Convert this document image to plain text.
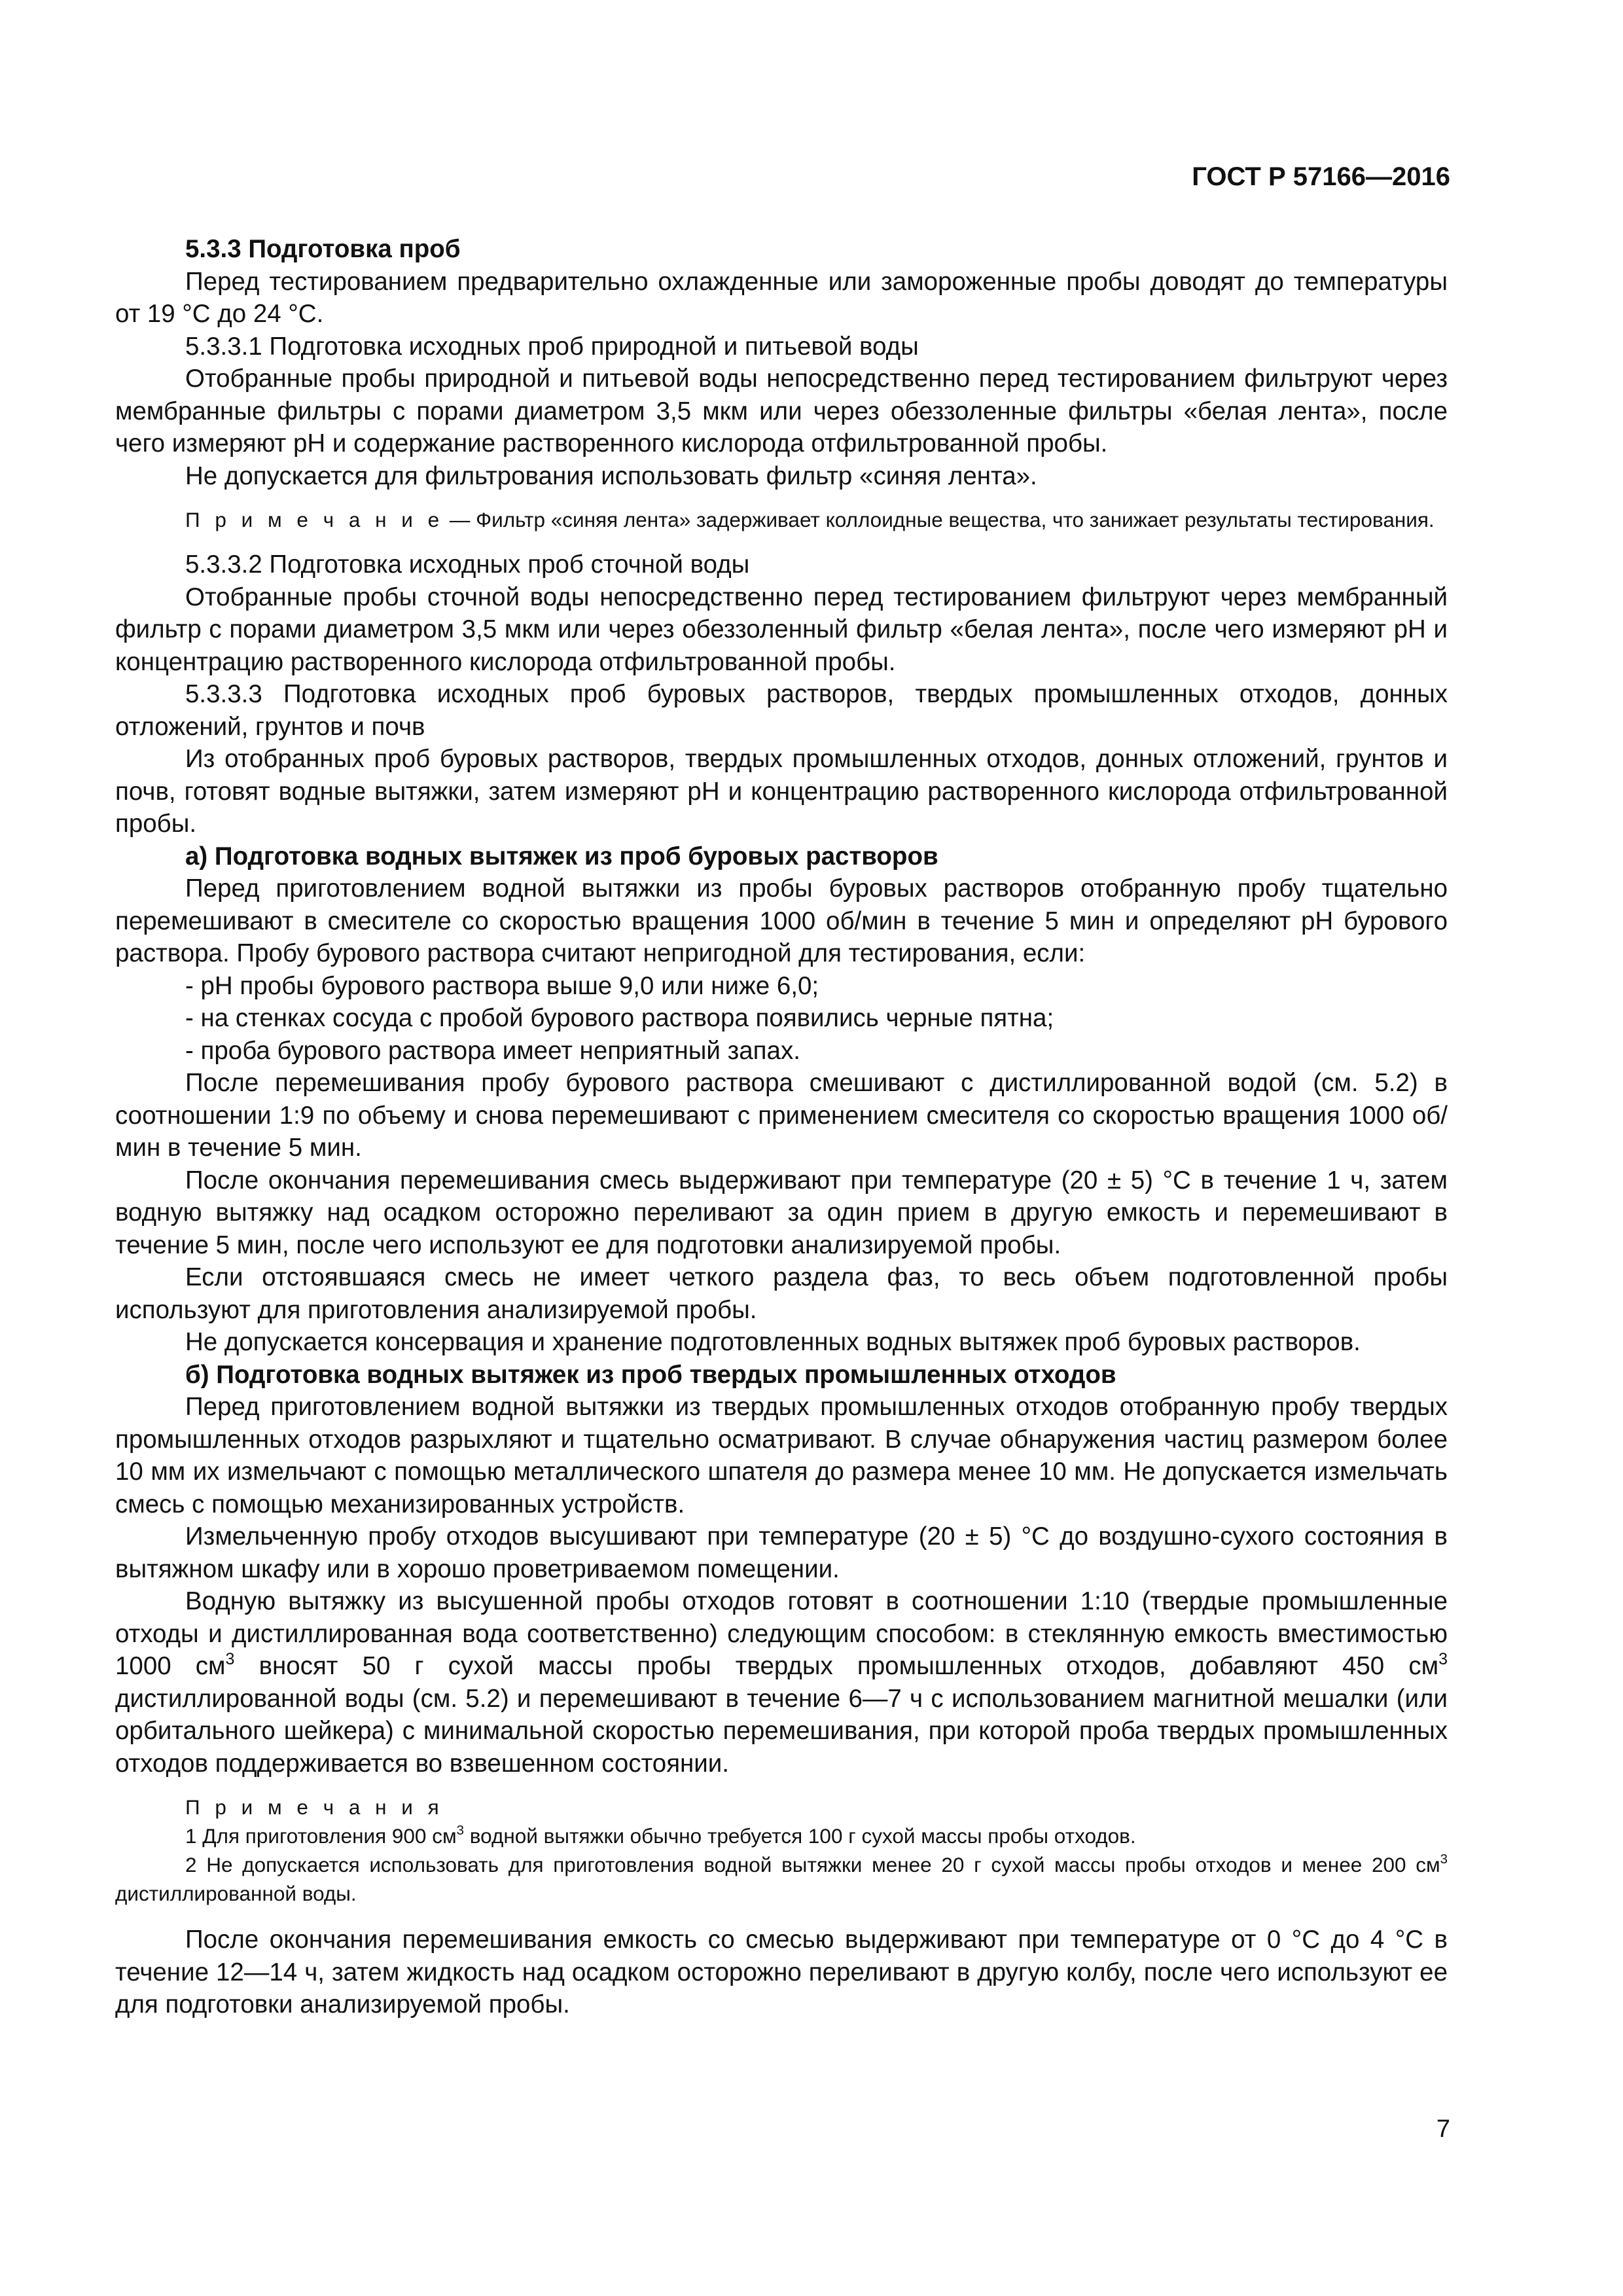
ГОСТ Р 57166—2016

5.3.3 Подготовка проб

Перед тестированием предварительно охлажденные или замороженные пробы доводят до температуры от 19 °C до 24 °C.

5.3.3.1 Подготовка исходных проб природной и питьевой воды

Отобранные пробы природной и питьевой воды непосредственно перед тестированием фильтруют через мембранные фильтры с порами диаметром 3,5 мкм или через обеззоленные фильтры «белая лента», после чего измеряют pH и содержание растворенного кислорода отфильтрованной пробы.

Не допускается для фильтрования использовать фильтр «синяя лента».

П р и м е ч а н и е — Фильтр «синяя лента» задерживает коллоидные вещества, что занижает результаты тестирования.

5.3.3.2 Подготовка исходных проб сточной воды

Отобранные пробы сточной воды непосредственно перед тестированием фильтруют через мембранный фильтр с порами диаметром 3,5 мкм или через обеззоленный фильтр «белая лента», после чего измеряют pH и концентрацию растворенного кислорода отфильтрованной пробы.

5.3.3.3 Подготовка исходных проб буровых растворов, твердых промышленных отходов, донных отложений, грунтов и почв

Из отобранных проб буровых растворов, твердых промышленных отходов, донных отложений, грунтов и почв, готовят водные вытяжки, затем измеряют pH и концентрацию растворенного кислорода отфильтрованной пробы.

а) Подготовка водных вытяжек из проб буровых растворов

Перед приготовлением водной вытяжки из пробы буровых растворов отобранную пробу тщательно перемешивают в смесителе со скоростью вращения 1000 об/мин в течение 5 мин и определяют pH бурового раствора. Пробу бурового раствора считают непригодной для тестирования, если:

- pH пробы бурового раствора выше 9,0 или ниже 6,0;

- на стенках сосуда с пробой бурового раствора появились черные пятна;

- проба бурового раствора имеет неприятный запах.

После перемешивания пробу бурового раствора смешивают с дистиллированной водой (см. 5.2) в соотношении 1:9 по объему и снова перемешивают с применением смесителя со скоростью вращения 1000 об/мин в течение 5 мин.

После окончания перемешивания смесь выдерживают при температуре (20 ± 5) °C в течение 1 ч, затем водную вытяжку над осадком осторожно переливают за один прием в другую емкость и перемешивают в течение 5 мин, после чего используют ее для подготовки анализируемой пробы.

Если отстоявшаяся смесь не имеет четкого раздела фаз, то весь объем подготовленной пробы используют для приготовления анализируемой пробы.

Не допускается консервация и хранение подготовленных водных вытяжек проб буровых растворов.

б) Подготовка водных вытяжек из проб твердых промышленных отходов

Перед приготовлением водной вытяжки из твердых промышленных отходов отобранную пробу твердых промышленных отходов разрыхляют и тщательно осматривают. В случае обнаружения частиц размером более 10 мм их измельчают с помощью металлического шпателя до размера менее 10 мм. Не допускается измельчать смесь с помощью механизированных устройств.

Измельченную пробу отходов высушивают при температуре (20 ± 5) °C до воздушно-сухого состояния в вытяжном шкафу или в хорошо проветриваемом помещении.

Водную вытяжку из высушенной пробы отходов готовят в соотношении 1:10 (твердые промышленные отходы и дистиллированная вода соответственно) следующим способом: в стеклянную емкость вместимостью 1000 $см^3$ вносят 50 г сухой массы пробы твердых промышленных отходов, добавляют 450 $см^3$ дистиллированной воды (см. 5.2) и перемешивают в течение 6—7 ч с использованием магнитной мешалки (или орбитального шейкера) с минимальной скоростью перемешивания, при которой проба твердых промышленных отходов поддерживается во взвешенном состоянии.

П р и м е ч а н и я

1 Для приготовления 900 $см^3$ водной вытяжки обычно требуется 100 г сухой массы пробы отходов.

2 Не допускается использовать для приготовления водной вытяжки менее 20 г сухой массы пробы отходов и менее 200 $см^3$ дистиллированной воды.

После окончания перемешивания емкость со смесью выдерживают при температуре от 0 °C до 4 °C в течение 12—14 ч, затем жидкость над осадком осторожно переливают в другую колбу, после чего используют ее для подготовки анализируемой пробы.

7
